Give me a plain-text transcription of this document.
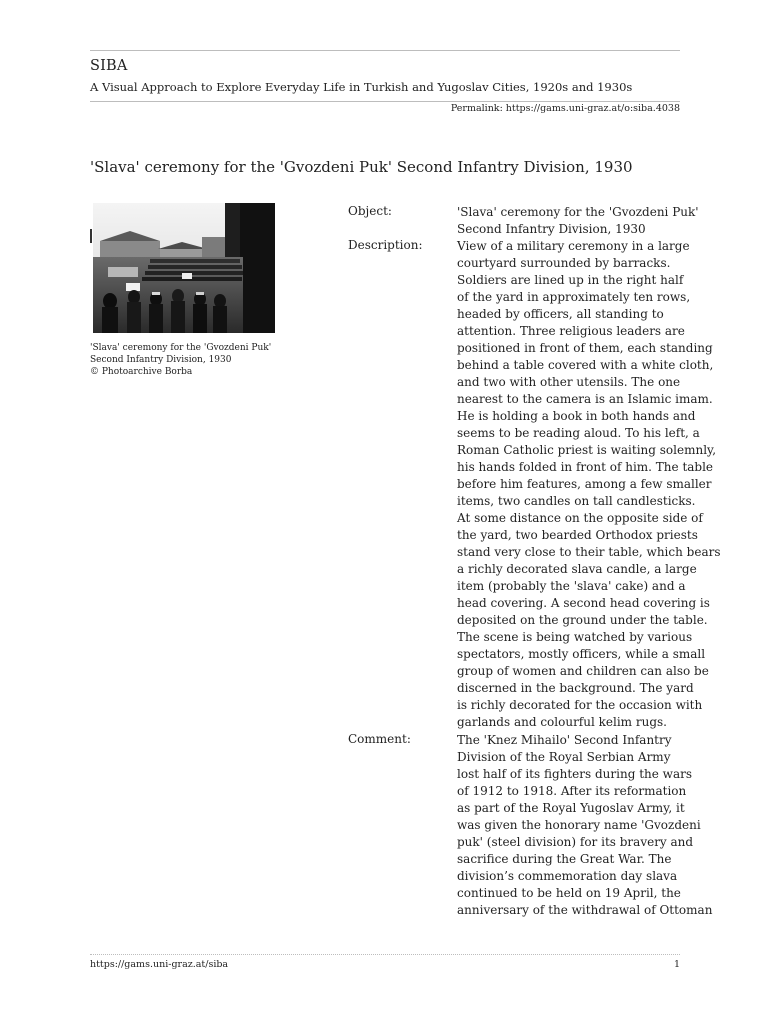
SIBA
A Visual Approach to Explore Everyday Life in Turkish and Yugoslav Cities, 1920s and 1930s
Permalink: https://gams.uni-graz.at/o:siba.4038
'Slava' ceremony for the 'Gvozdeni Puk' Second Infantry Division, 1930
'Slava' ceremony for the 'Gvozdeni Puk'
Second Infantry Division, 1930
© Photoarchive Borba
Object:	'Slava' ceremony for the 'Gvozdeni Puk'
Second Infantry Division, 1930
Description:	View of a military ceremony in a large
courtyard surrounded by barracks.
Soldiers are lined up in the right half
of the yard in approximately ten rows,
headed by officers, all standing to
attention. Three religious leaders are
positioned in front of them, each standing
behind a table covered with a white cloth,
and two with other utensils. The one
nearest to the camera is an Islamic imam.
He is holding a book in both hands and
seems to be reading aloud. To his left, a
Roman Catholic priest is waiting solemnly,
his hands folded in front of him. The table
before him features, among a few smaller
items, two candles on tall candlesticks.
At some distance on the opposite side of
the yard, two bearded Orthodox priests
stand very close to their table, which bears
a richly decorated slava candle, a large
item (probably the 'slava' cake) and a
head covering. A second head covering is
deposited on the ground under the table.
The scene is being watched by various
spectators, mostly officers, while a small
group of women and children can also be
discerned in the background. The yard
is richly decorated for the occasion with
garlands and colourful kelim rugs.
Comment:	The 'Knez Mihailo' Second Infantry
Division of the Royal Serbian Army
lost half of its fighters during the wars
of 1912 to 1918. After its reformation
as part of the Royal Yugoslav Army, it
was given the honorary name 'Gvozdeni
puk' (steel division) for its bravery and
sacrifice during the Great War. The
division’s commemoration day slava
continued to be held on 19 April, the
anniversary of the withdrawal of Ottoman
https://gams.uni-graz.at/siba	1
